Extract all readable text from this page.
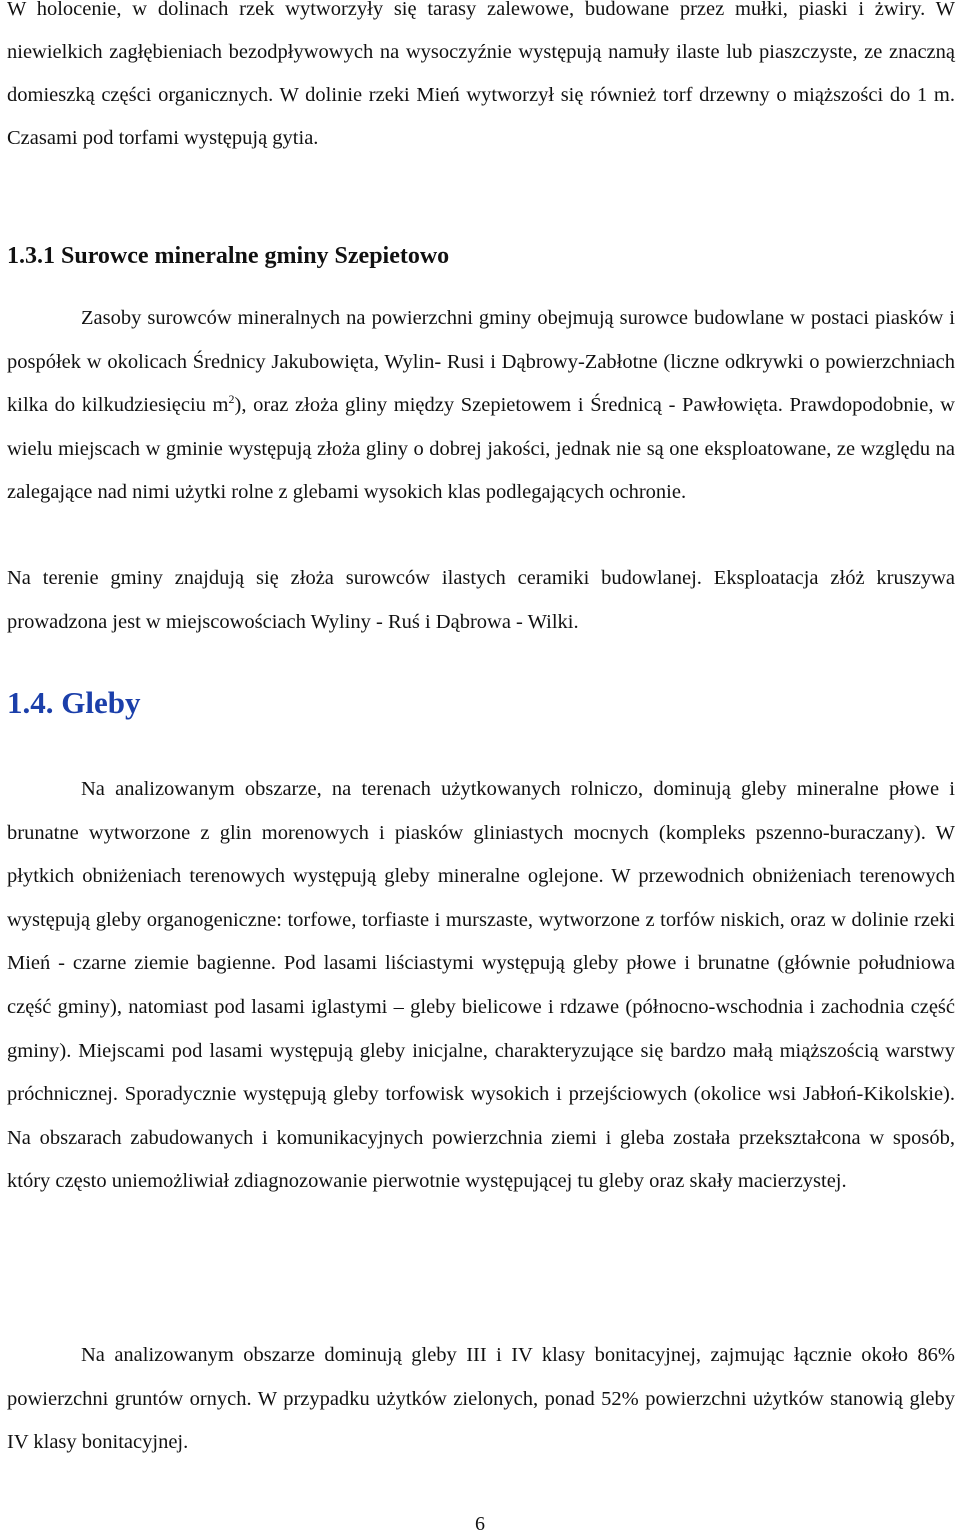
W holocenie, w dolinach rzek wytworzyły się tarasy zalewowe, budowane przez mułki, piaski i żwiry. W niewielkich zagłębieniach bezodpływowych na wysoczyźnie występują namuły ilaste lub piaszczyste, ze znaczną domieszką części organicznych. W dolinie rzeki Mień wytworzył się również torf drzewny o miąższości do 1 m. Czasami pod torfami występują gytia.

1.3.1 Surowce mineralne gminy Szepietowo

Zasoby surowców mineralnych na powierzchni gminy obejmują surowce budowlane w postaci piasków i pospółek w okolicach Średnicy Jakubowięta, Wylin- Rusi i Dąbrowy-Zabłotne (liczne odkrywki o powierzchniach kilka do kilkudziesięciu $m^2$), oraz złoża gliny między Szepietowem i Średnicą - Pawłowięta. Prawdopodobnie, w wielu miejscach w gminie występują złoża gliny o dobrej jakości, jednak nie są one eksploatowane, ze względu na zalegające nad nimi użytki rolne z glebami wysokich klas podlegających ochronie.

Na terenie gminy znajdują się złoża surowców ilastych ceramiki budowlanej. Eksploatacja złóż kruszywa prowadzona jest w miejscowościach Wyliny - Ruś i Dąbrowa - Wilki.

1.4. Gleby

Na analizowanym obszarze, na terenach użytkowanych rolniczo, dominują gleby mineralne płowe i brunatne wytworzone z glin morenowych i piasków gliniastych mocnych (kompleks pszenno-buraczany). W płytkich obniżeniach terenowych występują gleby mineralne oglejone. W przewodnich obniżeniach terenowych występują gleby organogeniczne: torfowe, torfiaste i murszaste, wytworzone z torfów niskich, oraz w dolinie rzeki Mień - czarne ziemie bagienne. Pod lasami liściastymi występują gleby płowe i brunatne (głównie południowa część gminy), natomiast pod lasami iglastymi – gleby bielicowe i rdzawe (północno-wschodnia i zachodnia część gminy). Miejscami pod lasami występują gleby inicjalne, charakteryzujące się bardzo małą miąższością warstwy próchnicznej. Sporadycznie występują gleby torfowisk wysokich i przejściowych (okolice wsi Jabłoń-Kikolskie). Na obszarach zabudowanych i komunikacyjnych powierzchnia ziemi i gleba została przekształcona w sposób, który często uniemożliwiał zdiagnozowanie pierwotnie występującej tu gleby oraz skały macierzystej.

Na analizowanym obszarze dominują gleby III i IV klasy bonitacyjnej, zajmując łącznie około 86% powierzchni gruntów ornych. W przypadku użytków zielonych, ponad 52% powierzchni użytków stanowią gleby IV klasy bonitacyjnej.

6
